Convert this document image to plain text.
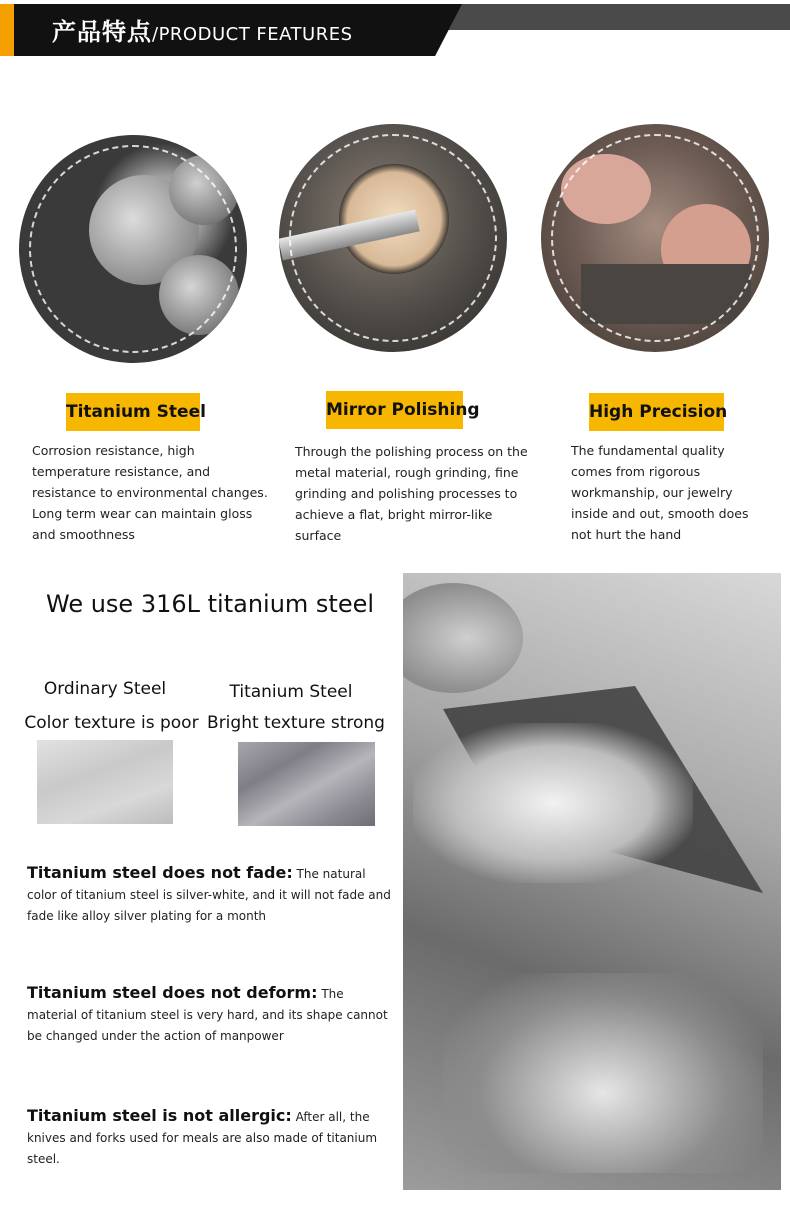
产品特点/PRODUCT FEATURES
Titanium Steel	Mirror Polishing	High Precision
Corrosion resistance, high temperature resistance, and resistance to environmental changes. Long term wear can maintain gloss and smoothness
Through the polishing process on the metal material, rough grinding, fine grinding and polishing processes to achieve a flat, bright mirror-like surface
The fundamental quality comes from rigorous workmanship, our jewelry inside and out, smooth does not hurt the hand
We use 316L titanium steel
Ordinary Steel
Color texture is poor
Titanium Steel
Bright texture strong
Titanium steel does not fade: The natural color of titanium steel is silver-white, and it will not fade and fade like alloy silver plating for a month
Titanium steel does not deform: The material of titanium steel is very hard, and its shape cannot be changed under the action of manpower
Titanium steel is not allergic: After all, the knives and forks used for meals are also made of titanium steel.
